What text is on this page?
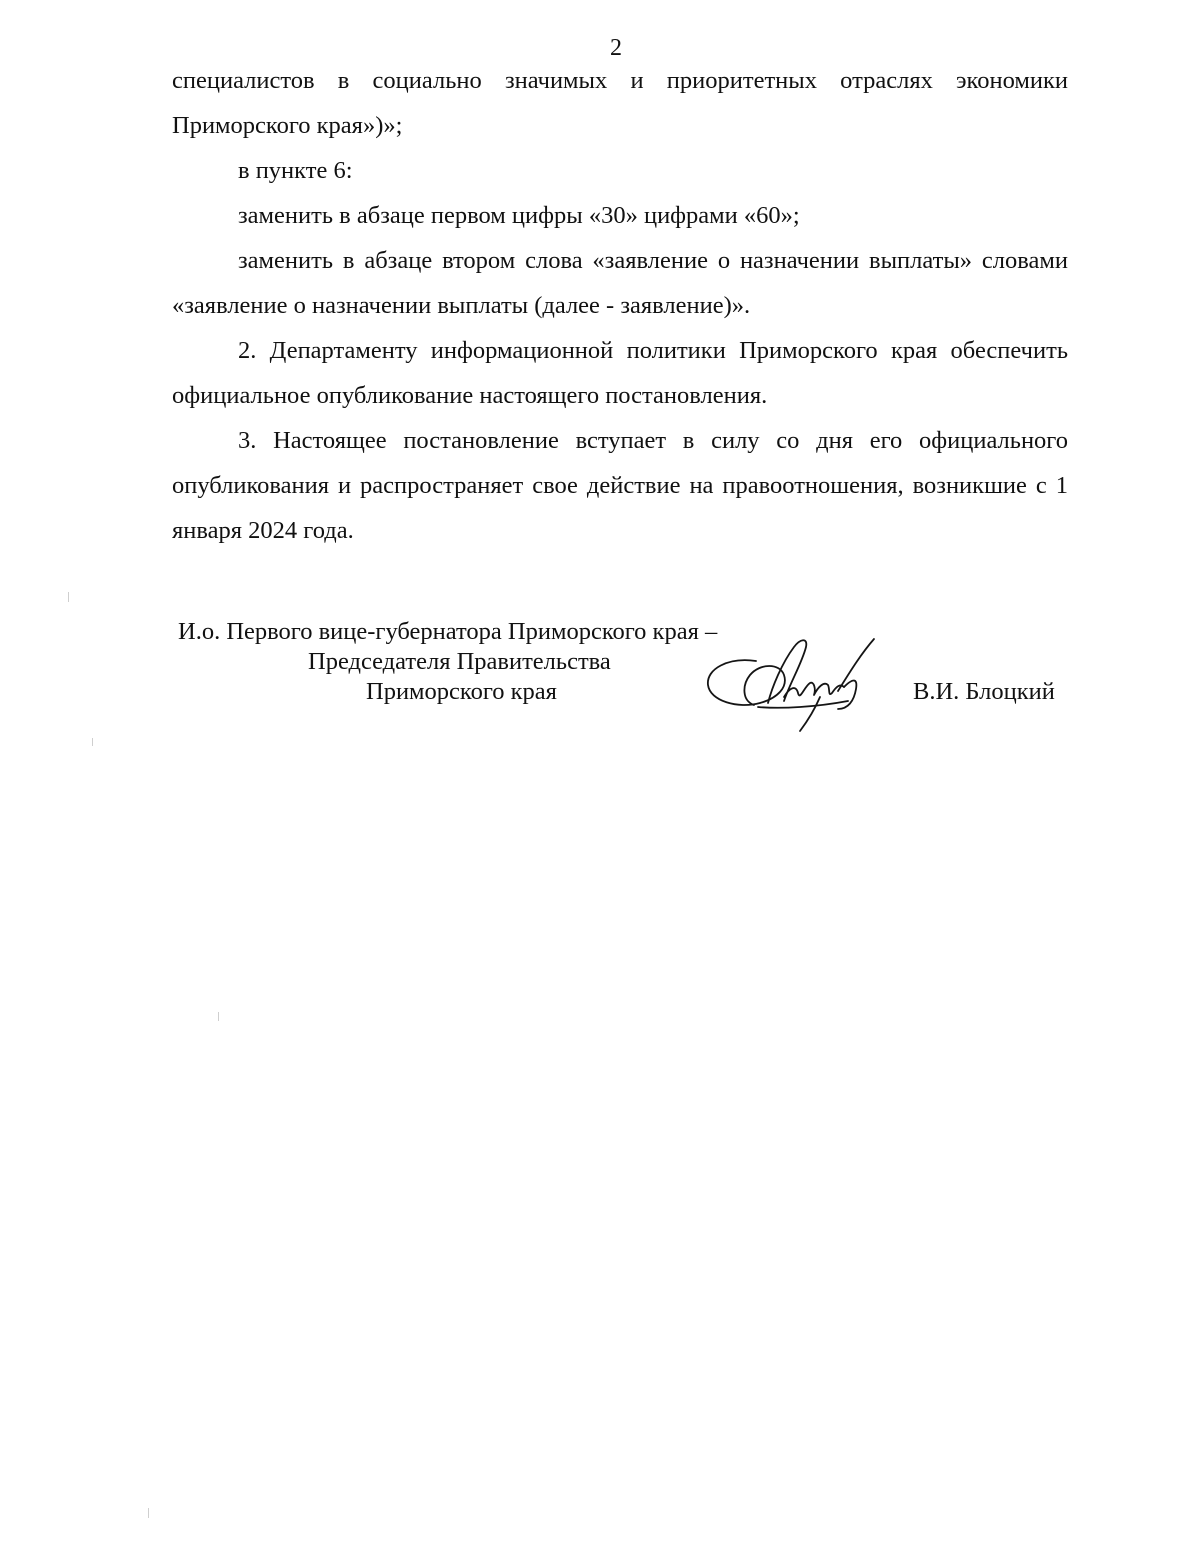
2

специалистов в социально значимых и приоритетных отраслях экономики Приморского края»)»;

в пункте 6:

заменить в абзаце первом цифры «30» цифрами «60»;

заменить в абзаце втором слова «заявление о назначении выплаты» словами «заявление о назначении выплаты (далее - заявление)».

2. Департаменту информационной политики Приморского края обеспечить официальное опубликование настоящего постановления.

3. Настоящее постановление вступает в силу со дня его официального опубликования и распространяет свое действие на правоотношения, возникшие с 1 января 2024 года.

И.о. Первого вице-губернатора Приморского края –
Председателя Правительства
Приморского края	В.И. Блоцкий
